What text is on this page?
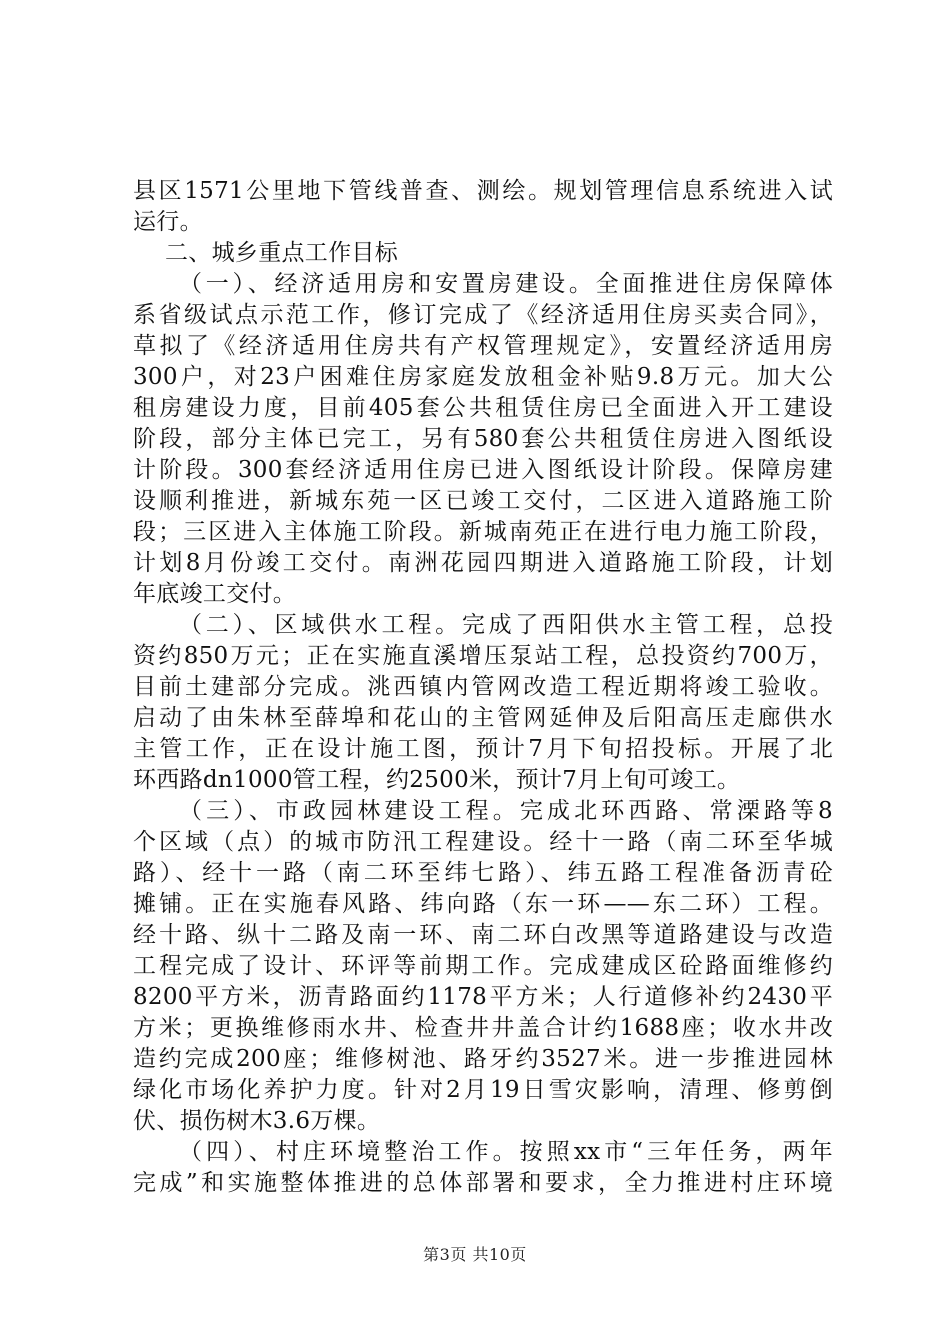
县区1571公里地下管线普查、测绘。规划管理信息系统进入试
运行。
二、城乡重点工作目标
（一）、经济适用房和安置房建设。全面推进住房保障体
系省级试点示范工作，修订完成了《经济适用住房买卖合同》，
草拟了《经济适用住房共有产权管理规定》，安置经济适用房
300户，对23户困难住房家庭发放租金补贴9.8万元。加大公
租房建设力度，目前405套公共租赁住房已全面进入开工建设
阶段，部分主体已完工，另有580套公共租赁住房进入图纸设
计阶段。300套经济适用住房已进入图纸设计阶段。保障房建
设顺利推进，新城东苑一区已竣工交付，二区进入道路施工阶
段；三区进入主体施工阶段。新城南苑正在进行电力施工阶段，
计划8月份竣工交付。南洲花园四期进入道路施工阶段，计划
年底竣工交付。
（二）、区域供水工程。完成了西阳供水主管工程，总投
资约850万元；正在实施直溪增压泵站工程，总投资约700万，
目前土建部分完成。洮西镇内管网改造工程近期将竣工验收。
启动了由朱林至薛埠和花山的主管网延伸及后阳高压走廊供水
主管工作，正在设计施工图，预计7月下旬招投标。开展了北
环西路dn1000管工程，约2500米，预计7月上旬可竣工。
（三）、市政园林建设工程。完成北环西路、常溧路等8
个区域（点）的城市防汛工程建设。经十一路（南二环至华城
路）、经十一路（南二环至纬七路）、纬五路工程准备沥青砼
摊铺。正在实施春风路、纬向路（东一环——东二环）工程。
经十路、纵十二路及南一环、南二环白改黑等道路建设与改造
工程完成了设计、环评等前期工作。完成建成区砼路面维修约
8200平方米，沥青路面约1178平方米；人行道修补约2430平
方米；更换维修雨水井、检查井井盖合计约1688座；收水井改
造约完成200座；维修树池、路牙约3527米。进一步推进园林
绿化市场化养护力度。针对2月19日雪灾影响，清理、修剪倒
伏、损伤树木3.6万棵。
（四）、村庄环境整治工作。按照xx市“三年任务，两年
完成”和实施整体推进的总体部署和要求，全力推进村庄环境
第3页 共10页
